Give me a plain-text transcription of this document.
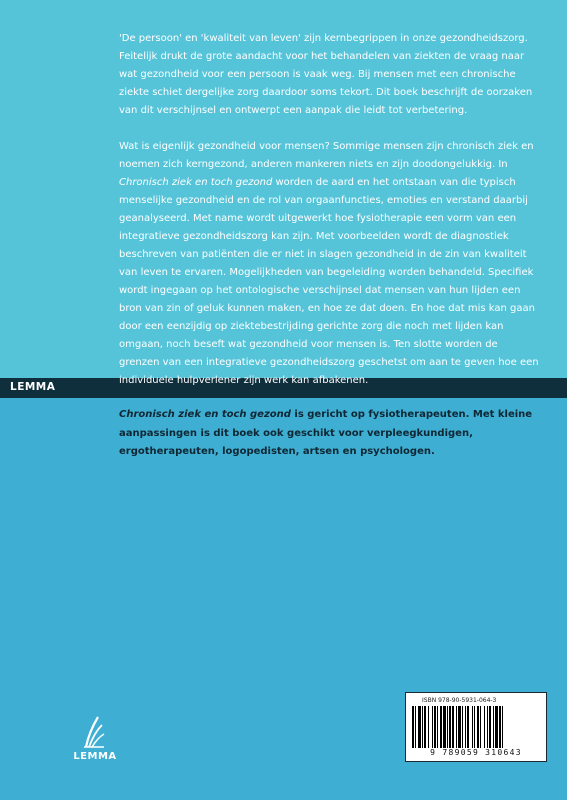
LEMMA

'De persoon' en 'kwaliteit van leven' zijn kernbegrippen in onze gezondheidszorg. Feitelijk drukt de grote aandacht voor het behandelen van ziekten de vraag naar wat gezondheid voor een persoon is vaak weg. Bij mensen met een chronische ziekte schiet dergelijke zorg daardoor soms tekort. Dit boek beschrijft de oorzaken van dit verschijnsel en ontwerpt een aanpak die leidt tot verbetering.

Wat is eigenlijk gezondheid voor mensen? Sommige mensen zijn chronisch ziek en noemen zich kerngezond, anderen mankeren niets en zijn doodongelukkig. In Chronisch ziek en toch gezond worden de aard en het ontstaan van die typisch menselijke gezondheid en de rol van orgaanfuncties, emoties en verstand daarbij geanalyseerd. Met name wordt uitgewerkt hoe fysiotherapie een vorm van een integratieve gezondheidszorg kan zijn. Met voorbeelden wordt de diagnostiek beschreven van patiënten die er niet in slagen gezondheid in de zin van kwaliteit van leven te ervaren. Mogelijkheden van begeleiding worden behandeld. Specifiek wordt ingegaan op het ontologische verschijnsel dat mensen van hun lijden een bron van zin of geluk kunnen maken, en hoe ze dat doen. En hoe dat mis kan gaan door een eenzijdig op ziektebestrijding gerichte zorg die noch met lijden kan omgaan, noch beseft wat gezondheid voor mensen is. Ten slotte worden de grenzen van een integratieve gezondheidszorg geschetst om aan te geven hoe een individuele hulpverlener zijn werk kan afbakenen.

Chronisch ziek en toch gezond is gericht op fysiotherapeuten. Met kleine aanpassingen is dit boek ook geschikt voor verpleegkundigen, ergotherapeuten, logopedisten, artsen en psychologen.

ISBN 978-90-5931-064-3
9 789059 310643
LEMMA
